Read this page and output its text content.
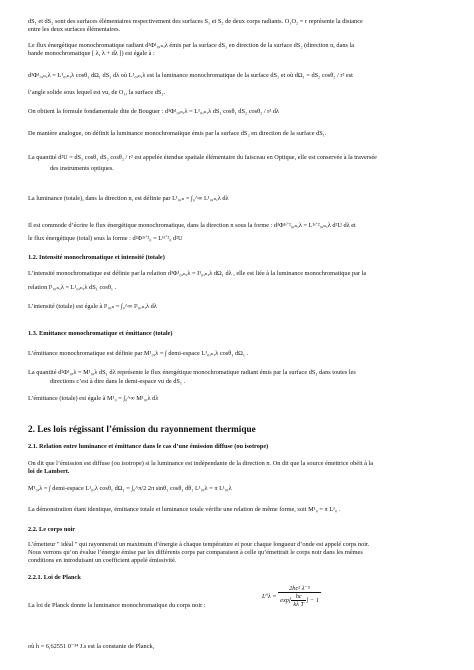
dS₁ et dS₂ sont des surfaces élémentaires respectivement des surfaces S₁ et S₂ de deux corps radiants. O₁O₂ = r représente la distance
entre les deux surfaces élémentaires.
Le flux énergétique monochromatique radiant d³Φ¹₀,ₙ,λ émis par la surface dS₁ en direction de la surface dS₂ (direction n, dans la
bande monochromatique [ λ, λ + dλ ]) est égale à :
d³Φ¹₀,ₙ,λ = L¹₀,ₙ,λ cosθ₁ dΩ₁ dS₁ dλ où L¹₀,ₙ,λ est la luminance monochromatique de la surface dS₁ et où dΩ₁ = dS₂ cosθ₂ / r² est
l’angle solide sous lequel est vu, de O₁, la surface dS₂.
On obtient la formule fondamentale dite de Bouguer : d³Φ¹₀,ₙ,λ = L¹₀,ₙ,λ dS₁ cosθ₁ dS₂ cosθ₂ / r² dλ
De manière analogue, on définit la luminance monochromatique émis par la surface dS₂ en direction de la surface dS₁.
La quantité d²U = dS₁ cosθ₁ dS₂ cosθ₂ / r² est appelée étendue spatiale élémentaire du faisceau en Optique, elle est conservée à la traversée
des instruments optiques.
La luminance (totale), dans la direction n, est définie par L¹₀,ₙ = ∫₀^∞ L¹₀,ₙ,λ dλ
Il est commode d’écrire le flux énergétique monochromatique, dans la direction n sous la forme : d³Φ¹ˢ˚²₀,ₙ,λ = L¹ˢ˚²₀,ₙ,λ d²U dλ et
le flux énergétique (total) sous la forme : d²Φ¹ˢ˚²₀ = L¹ˢ˚²₀ d²U
1.2. Intensité monochromatique et intensité (totale)
L’intensité monochromatique est définie par la relation d³Φ¹₀,ₙ,λ = I¹₀,ₙ,λ dΩ₁ dλ , elle est liée à la luminance monochromatique par la
relation I¹₀,ₙ,λ = L¹₀,ₙ,λ dS₁ cosθ₁ .
L’intensité (totale) est égale à I¹₀,ₙ = ∫₀^∞ I¹₀,ₙ,λ dλ
1.3. Emittance monochromatique et émittance (totale)
L’émittance monochromatique est définie par M¹₀,λ = ∫ demi-espace L¹₀,ₙ,λ cosθ₁ dΩ₁ .
La quantité d²Φ¹₀,λ = M¹₀,λ dS₁ dλ représente le flux énergétique monochromatique radiant émis par la surface dS₁ dans toutes les
directions c’est à dire dans le demi-espace vu de dS₁ .
L’émittance (totale) est égale à M¹₀ = ∫₀^∞ M¹₀,λ dλ
2. Les lois régissant l’émission du rayonnement thermique
2.1. Relation entre luminance et émittance dans le cas d’une émission diffuse (ou isotrope)
On dit que l’émission est diffuse (ou isotrope) si la luminance est indépendante de la direction n. On dit que la source émettrice obéit à la
loi de Lambert.
M¹₀,λ = ∫ demi-espace L¹₀,λ cosθ₁ dΩ₁ = ∫₀^π/2 2π sinθ₁ cosθ₁ dθ₁ L¹₀,λ = π L¹₀,λ
La démonstration étant identique, émittance totale et luminance totale vérifie une relation de même forme, soit M¹₀ = π L¹₀ .
2.2. Le corps noir
L’émetteur " idéal " qui rayonnerait un maximum d’énergie à chaque température et pour chaque longueur d’onde est appelé corps noir.
Nous verrons qu’on évalue l’énergie émise par les différents corps par comparaison à celle qu’émettrait le corps noir dans les mêmes
conditions en introduisant un coefficient appelé émissivité.
2.2.1. Loi de Planck
La loi de Planck donne la luminance monochromatique du corps noir :
$L^0\lambda = \frac{\text{2hc² λ⁻⁵}}{\exp[ \frac{hc}{\text{kλ T}} ] - 1}$
où h = 6,62551 0⁻³⁴ J.s est la constante de Planck,
